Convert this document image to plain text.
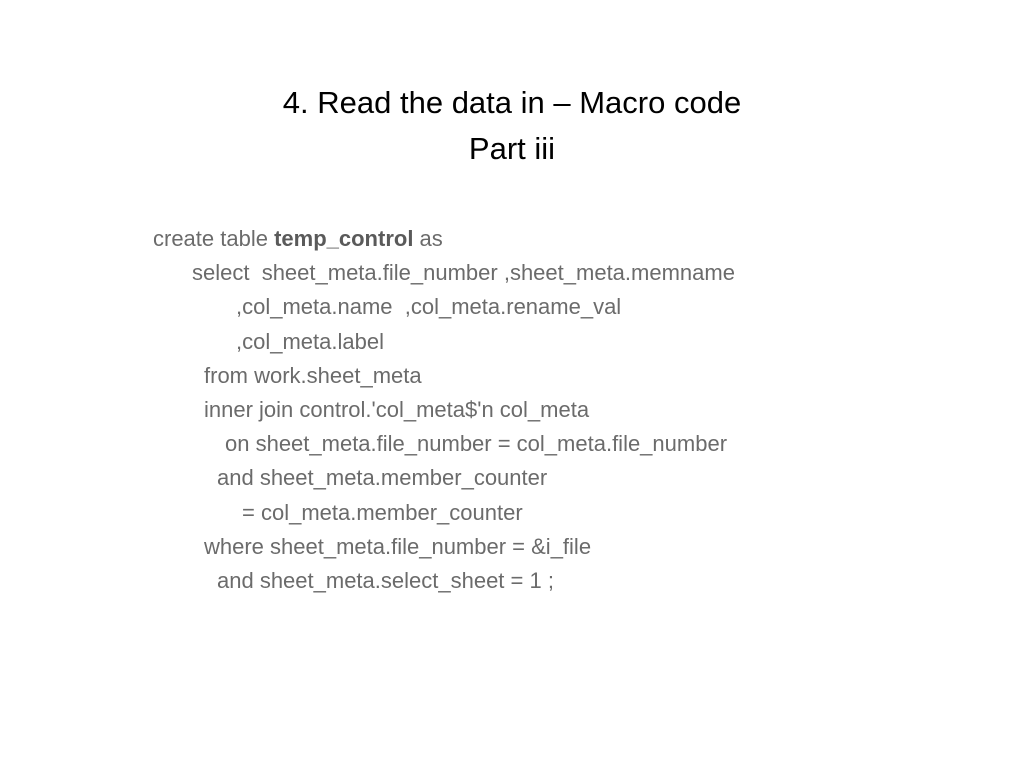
4. Read the data in – Macro code
Part iii
create table temp_control as
select  sheet_meta.file_number ,sheet_meta.memname
,col_meta.name  ,col_meta.rename_val
,col_meta.label
from work.sheet_meta
inner join control.'col_meta$'n col_meta
on sheet_meta.file_number = col_meta.file_number
and sheet_meta.member_counter
= col_meta.member_counter
where sheet_meta.file_number = &i_file
and sheet_meta.select_sheet = 1 ;
